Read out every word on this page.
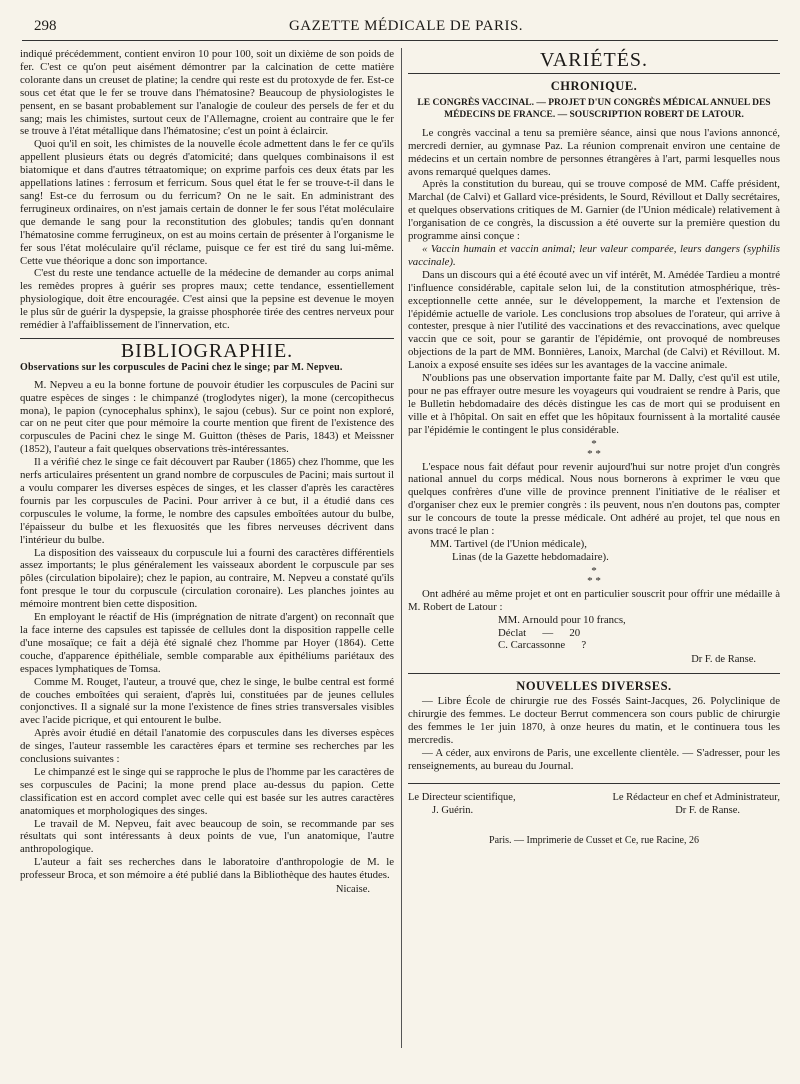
298	GAZETTE MÉDICALE DE PARIS.

indiqué précédemment, contient environ 10 pour 100, soit un dixième de son poids de fer. C'est ce qu'on peut aisément démontrer par la calcination de cette matière colorante dans un creuset de platine; la cendre qui reste est du protoxyde de fer. Est-ce sous cet état que le fer se trouve dans l'hématosine? Beaucoup de physiologistes le pensent, en se basant probablement sur l'analogie de couleur des persels de fer et du sang; mais les chimistes, surtout ceux de l'Allemagne, croient au contraire que le fer se trouve à l'état métallique dans l'hématosine; c'est un point à éclaircir.

Quoi qu'il en soit, les chimistes de la nouvelle école admettent dans le fer ce qu'ils appellent plusieurs états ou degrés d'atomicité; dans quelques combinaisons il est biatomique et dans d'autres tétraatomique; on exprime parfois ces deux états par les appellations latines : ferrosum et ferricum. Sous quel état le fer se trouve-t-il dans le sang! Est-ce du ferrosum ou du ferricum? On ne le sait. En administrant des ferrugineux ordinaires, on n'est jamais certain de donner le fer sous l'état moléculaire que demande le sang pour la reconstitution des globules; tandis qu'en donnant l'hématosine comme ferrugineux, on est au moins certain de présenter à l'organisme le fer sous l'état moléculaire qu'il réclame, puisque ce fer est tiré du sang lui-même. Cette vue théorique a donc son importance.

C'est du reste une tendance actuelle de la médecine de demander au corps animal les remèdes propres à guérir ses propres maux; cette tendance, essentiellement physiologique, doit être encouragée. C'est ainsi que la pepsine est devenue le moyen le plus sûr de guérir la dyspepsie, la graisse phosphorée tirée des centres nerveux pour remédier à l'affaiblissement de l'innervation, etc.

BIBLIOGRAPHIE.
Observations sur les corpuscules de Pacini chez le singe; par M. Nepveu.

M. Nepveu a eu la bonne fortune de pouvoir étudier les corpuscules de Pacini sur quatre espèces de singes : le chimpanzé (troglodytes niger), la mone (cercopithecus mona), le papion (cynocephalus sphinx), le sajou (cebus). Sur ce point non exploré, car on ne peut citer que pour mémoire la courte mention que firent de l'existence des corpuscules de Pacini chez le singe M. Guitton (thèses de Paris, 1843) et Meissner (1852), l'auteur a fait quelques observations très-intéressantes.

Il a vérifié chez le singe ce fait découvert par Rauber (1865) chez l'homme, que les nerfs articulaires présentent un grand nombre de corpuscules de Pacini; mais surtout il a voulu comparer les diverses espèces de singes, et les classer d'après les caractères fournis par les corpuscules de Pacini. Pour arriver à ce but, il a étudié dans ces corpuscules le volume, la forme, le nombre des capsules emboîtées autour du bulbe, l'épaisseur du bulbe et les flexuosités que les fibres nerveuses décrivent dans l'intérieur du bulbe.

La disposition des vaisseaux du corpuscule lui a fourni des caractères différentiels assez importants; le plus généralement les vaisseaux abordent le corpuscule par ses pôles (circulation bipolaire); chez le papion, au contraire, M. Nepveu a constaté qu'ils font presque le tour du corpuscule (circulation coronaire). Les planches jointes au mémoire montrent bien cette disposition.

En employant le réactif de His (imprégnation de nitrate d'argent) on reconnaît que la face interne des capsules est tapissée de cellules dont la disposition rappelle celle d'une mosaïque; ce fait a déjà été signalé chez l'homme par Hoyer (1864). Cette couche, d'apparence épithéliale, semble comparable aux épithéliums pariétaux des espaces lymphatiques de Tomsa.

Comme M. Rouget, l'auteur, a trouvé que, chez le singe, le bulbe central est formé de couches emboîtées qui seraient, d'après lui, constituées par de jeunes cellules conjonctives. Il a signalé sur la mone l'existence de fines stries transversales visibles avec l'acide picrique, et qui entourent le bulbe.

Après avoir étudié en détail l'anatomie des corpuscules dans les diverses espèces de singes, l'auteur rassemble les caractères épars et termine ses recherches par les conclusions suivantes :

Le chimpanzé est le singe qui se rapproche le plus de l'homme par les caractères de ses corpuscules de Pacini; la mone prend place au-dessus du papion. Cette classification est en accord complet avec celle qui est basée sur les autres caractères anatomiques et morphologiques des singes.

Le travail de M. Nepveu, fait avec beaucoup de soin, se recommande par ses résultats qui sont intéressants à deux points de vue, l'un anatomique, l'autre anthropologique.

L'auteur a fait ses recherches dans le laboratoire d'anthropologie de M. le professeur Broca, et son mémoire a été publié dans la Bibliothèque des hautes études.

Nicaise.
VARIÉTÉS.
CHRONIQUE.
LE CONGRÈS VACCINAL. — PROJET D'UN CONGRÈS MÉDICAL ANNUEL DES MÉDECINS DE FRANCE. — SOUSCRIPTION ROBERT DE LATOUR.

Le congrès vaccinal a tenu sa première séance, ainsi que nous l'avions annoncé, mercredi dernier, au gymnase Paz. La réunion comprenait environ une centaine de médecins et un certain nombre de personnes étrangères à l'art, parmi lesquelles nous avons remarqué quelques dames.

Après la constitution du bureau, qui se trouve composé de MM. Caffe président, Marchal (de Calvi) et Gallard vice-présidents, le Sourd, Révillout et Dally secrétaires, et quelques observations critiques de M. Garnier (de l'Union médicale) relativement à l'organisation de ce congrès, la discussion a été ouverte sur la première question du programme ainsi conçue :

« Vaccin humain et vaccin animal; leur valeur comparée, leurs dangers (syphilis vaccinale).

Dans un discours qui a été écouté avec un vif intérêt, M. Amédée Tardieu a montré l'influence considérable, capitale selon lui, de la constitution atmosphérique, très-exceptionnelle cette année, sur le développement, la marche et l'extension de l'épidémie actuelle de variole. Les conclusions trop absolues de l'orateur, qui arrive à contester, presque à nier l'utilité des vaccinations et des revaccinations, avec quelque vaccin que ce soit, pour se garantir de l'épidémie, ont provoqué de nombreuses objections de la part de MM. Bonnières, Lanoix, Marchal (de Calvi) et Révillout. M. Lanoix a exposé ensuite ses idées sur les avantages de la vaccine animale.

N'oublions pas une observation importante faite par M. Dally, c'est qu'il est utile, pour ne pas effrayer outre mesure les voyageurs qui voudraient se rendre à Paris, que le Bulletin hebdomadaire des décès distingue les cas de mort qui se produisent en ville et à l'hôpital. On sait en effet que les hôpitaux fournissent à la mortalité causée par l'épidémie le contingent le plus considérable.

*
* *

L'espace nous fait défaut pour revenir aujourd'hui sur notre projet d'un congrès national annuel du corps médical. Nous nous bornerons à exprimer le vœu que quelques confrères d'une ville de province prennent l'initiative de le réaliser et d'organiser chez eux le premier congrès : ils peuvent, nous n'en doutons pas, compter sur le concours de toute la presse médicale. Ont adhéré au projet, tel que nous en avons tracé le plan :

MM. Tartivel (de l'Union médicale),
Linas (de la Gazette hebdomadaire).
*
* *

Ont adhéré au même projet et ont en particulier souscrit pour offrir une médaille à M. Robert de Latour :

MM. Arnould pour 10 francs,
Déclat      —      20
C. Carcassonne      ?
Dr F. de Ranse.
NOUVELLES DIVERSES.

— Libre École de chirurgie rue des Fossés Saint-Jacques, 26. Polyclinique de chirurgie des femmes. Le docteur Berrut commencera son cours public de chirurgie des femmes le 1er juin 1870, à onze heures du matin, et le continuera tous les mercredis.

— A céder, aux environs de Paris, une excellente clientèle. — S'adresser, pour les renseignements, au bureau du Journal.

Le Directeur scientifique,	Le Rédacteur en chef et Administrateur,
J. Guérin.	Dr F. de Ranse.
Paris. — Imprimerie de Cusset et Ce, rue Racine, 26
